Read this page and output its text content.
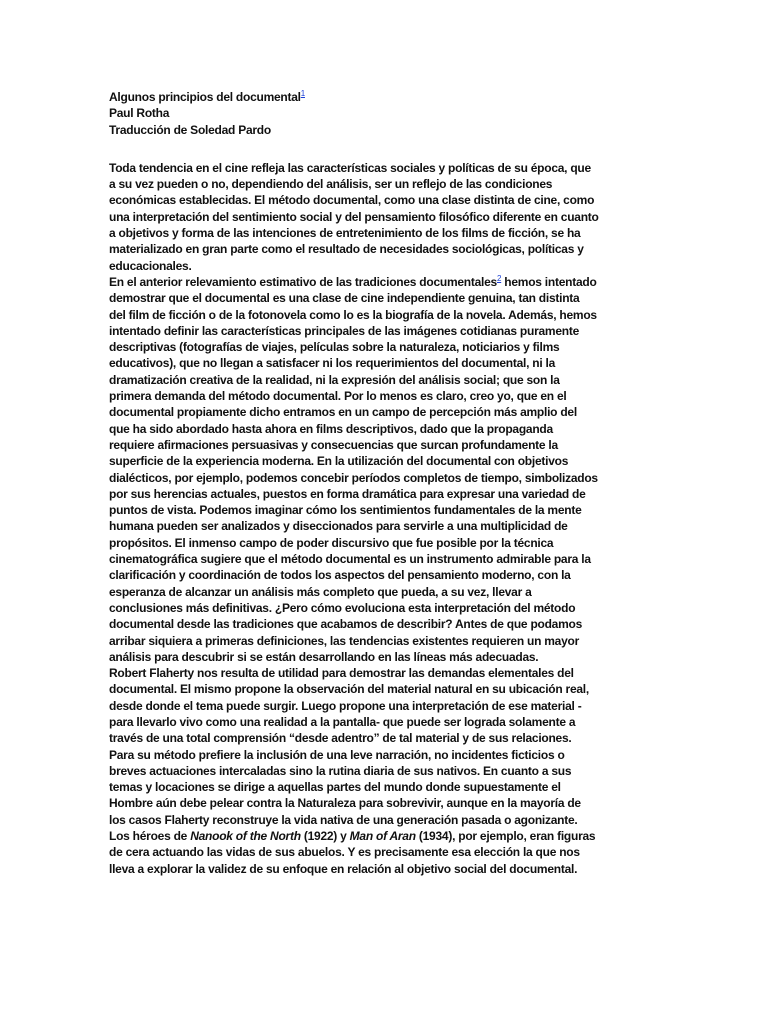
Algunos principios del documental$^1$
Paul Rotha
Traducción de Soledad Pardo

Toda tendencia en el cine refleja las características sociales y políticas de su época, que a su vez pueden o no, dependiendo del análisis, ser un reflejo de las condiciones económicas establecidas. El método documental, como una clase distinta de cine, como una interpretación del sentimiento social y del pensamiento filosófico diferente en cuanto a objetivos y forma de las intenciones de entretenimiento de los films de ficción, se ha materializado en gran parte como el resultado de necesidades sociológicas, políticas y educacionales.

En el anterior relevamiento estimativo de las tradiciones documentales$^2$ hemos intentado demostrar que el documental es una clase de cine independiente genuina, tan distinta del film de ficción o de la fotonovela como lo es la biografía de la novela. Además, hemos intentado definir las características principales de las imágenes cotidianas puramente descriptivas (fotografías de viajes, películas sobre la naturaleza, noticiarios y films educativos), que no llegan a satisfacer ni los requerimientos del documental, ni la dramatización creativa de la realidad, ni la expresión del análisis social; que son la primera demanda del método documental. Por lo menos es claro, creo yo, que en el documental propiamente dicho entramos en un campo de percepción más amplio del que ha sido abordado hasta ahora en films descriptivos, dado que la propaganda requiere afirmaciones persuasivas y consecuencias que surcan profundamente la superficie de la experiencia moderna. En la utilización del documental con objetivos dialécticos, por ejemplo, podemos concebir períodos completos de tiempo, simbolizados por sus herencias actuales, puestos en forma dramática para expresar una variedad de puntos de vista. Podemos imaginar cómo los sentimientos fundamentales de la mente humana pueden ser analizados y diseccionados para servirle a una multiplicidad de propósitos. El inmenso campo de poder discursivo que fue posible por la técnica cinematográfica sugiere que el método documental es un instrumento admirable para la clarificación y coordinación de todos los aspectos del pensamiento moderno, con la esperanza de alcanzar un análisis más completo que pueda, a su vez, llevar a conclusiones más definitivas. ¿Pero cómo evoluciona esta interpretación del método documental desde las tradiciones que acabamos de describir? Antes de que podamos arribar siquiera a primeras definiciones, las tendencias existentes requieren un mayor análisis para descubrir si se están desarrollando en las líneas más adecuadas.

Robert Flaherty nos resulta de utilidad para demostrar las demandas elementales del documental. El mismo propone la observación del material natural en su ubicación real, desde donde el tema puede surgir. Luego propone una interpretación de ese material -para llevarlo vivo como una realidad a la pantalla- que puede ser lograda solamente a través de una total comprensión “desde adentro” de tal material y de sus relaciones. Para su método prefiere la inclusión de una leve narración, no incidentes ficticios o breves actuaciones intercaladas sino la rutina diaria de sus nativos. En cuanto a sus temas y locaciones se dirige a aquellas partes del mundo donde supuestamente el Hombre aún debe pelear contra la Naturaleza para sobrevivir, aunque en la mayoría de los casos Flaherty reconstruye la vida nativa de una generación pasada o agonizante. Los héroes de Nanook of the North (1922) y Man of Aran (1934), por ejemplo, eran figuras de cera actuando las vidas de sus abuelos. Y es precisamente esa elección la que nos lleva a explorar la validez de su enfoque en relación al objetivo social del documental.
